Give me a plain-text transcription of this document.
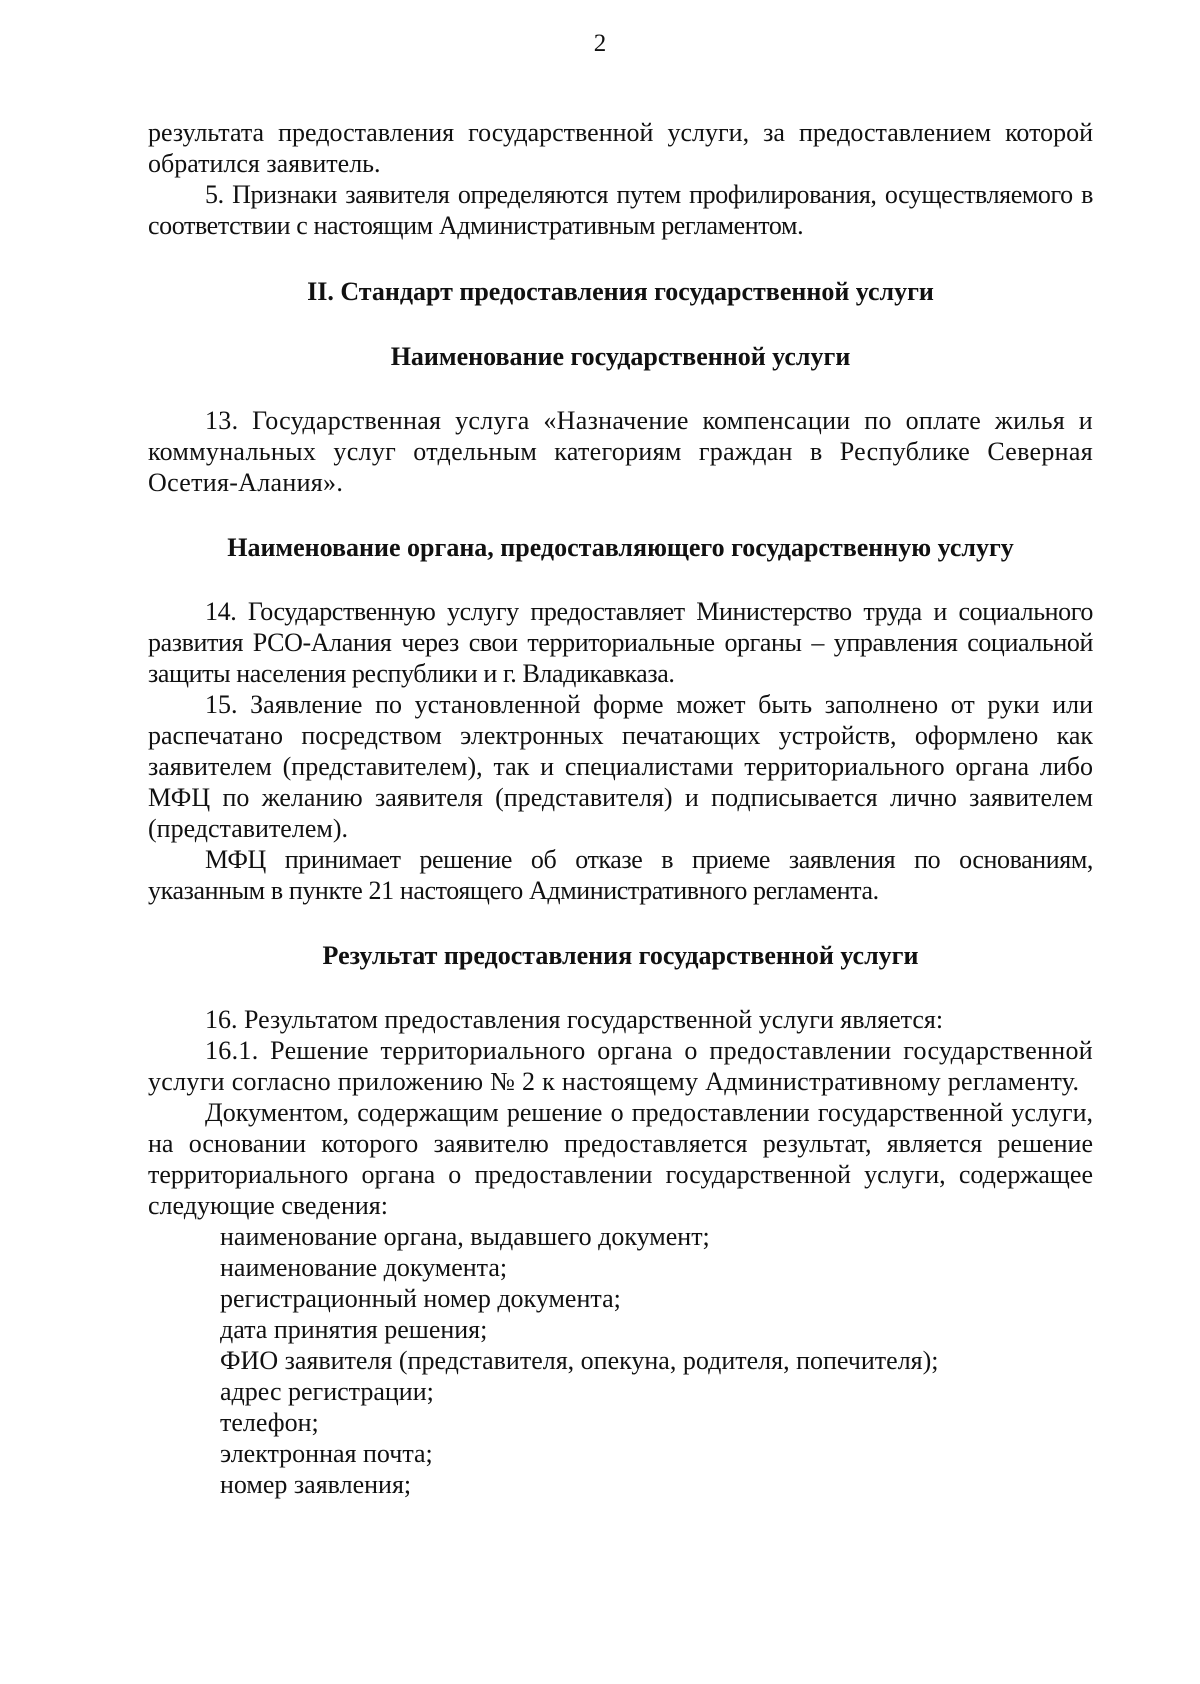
2

результата предоставления государственной услуги, за предоставлением которой обратился заявитель.

5. Признаки заявителя определяются путем профилирования, осуществляемого в соответствии с настоящим Административным регламентом.

II. Стандарт предоставления государственной услуги

Наименование государственной услуги

13. Государственная услуга «Назначение компенсации по оплате жилья и коммунальных услуг отдельным категориям граждан в Республике Северная Осетия-Алания».

Наименование органа, предоставляющего государственную услугу

14. Государственную услугу предоставляет Министерство труда и социального развития РСО-Алания через свои территориальные органы – управления социальной защиты населения республики и г. Владикавказа.

15. Заявление по установленной форме может быть заполнено от руки или распечатано посредством электронных печатающих устройств, оформлено как заявителем (представителем), так и специалистами территориального органа либо МФЦ по желанию заявителя (представителя) и подписывается лично заявителем (представителем).

МФЦ принимает решение об отказе в приеме заявления по основаниям, указанным в пункте 21 настоящего Административного регламента.

Результат предоставления государственной услуги

16. Результатом предоставления государственной услуги является:

16.1. Решение территориального органа о предоставлении государственной услуги согласно приложению № 2 к настоящему Административному регламенту.

Документом, содержащим решение о предоставлении государственной услуги, на основании которого заявителю предоставляется результат, является решение территориального органа о предоставлении государственной услуги, содержащее следующие сведения:

наименование органа, выдавшего документ;
наименование документа;
регистрационный номер документа;
дата принятия решения;
ФИО заявителя (представителя, опекуна, родителя, попечителя);
адрес регистрации;
телефон;
электронная почта;
номер заявления;
